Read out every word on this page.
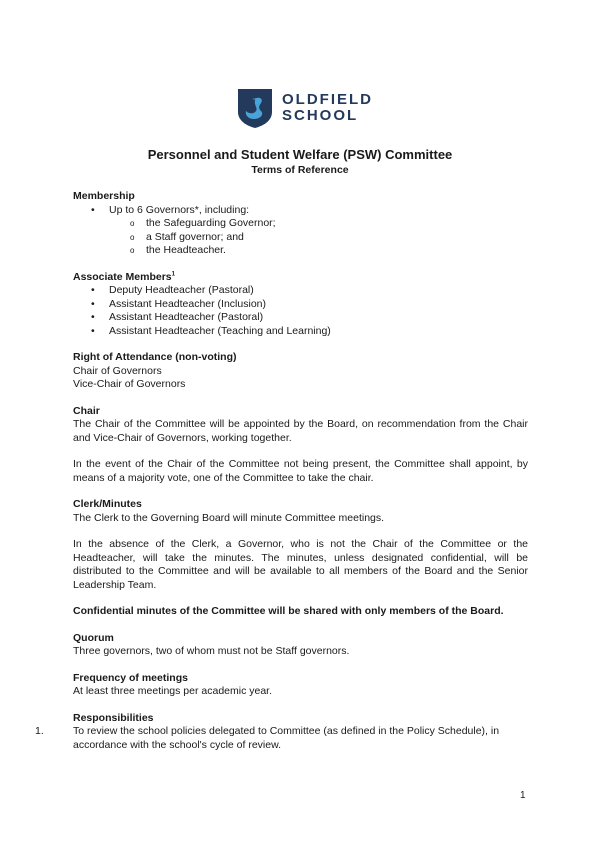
OLDFIELD
SCHOOL
Personnel and Student Welfare (PSW) Committee
Terms of Reference
Membership
• Up to 6 Governors*, including:
o the Safeguarding Governor;
o a Staff governor; and
o the Headteacher.
Associate Members$^1$
• Deputy Headteacher (Pastoral)
• Assistant Headteacher (Inclusion)
• Assistant Headteacher (Pastoral)
• Assistant Headteacher (Teaching and Learning)
Right of Attendance (non-voting)

Chair of Governors

Vice-Chair of Governors

Chair

The Chair of the Committee will be appointed by the Board, on recommendation from the Chair and Vice-Chair of Governors, working together.

In the event of the Chair of the Committee not being present, the Committee shall appoint, by means of a majority vote, one of the Committee to take the chair.

Clerk/Minutes

The Clerk to the Governing Board will minute Committee meetings.

In the absence of the Clerk, a Governor, who is not the Chair of the Committee or the Headteacher, will take the minutes. The minutes, unless designated confidential, will be distributed to the Committee and will be available to all members of the Board and the Senior Leadership Team.

Confidential minutes of the Committee will be shared with only members of the Board.
Quorum

Three governors, two of whom must not be Staff governors.

Frequency of meetings

At least three meetings per academic year.

Responsibilities
1.	To review the school policies delegated to Committee (as defined in the Policy Schedule), in accordance with the school's cycle of review.

1
